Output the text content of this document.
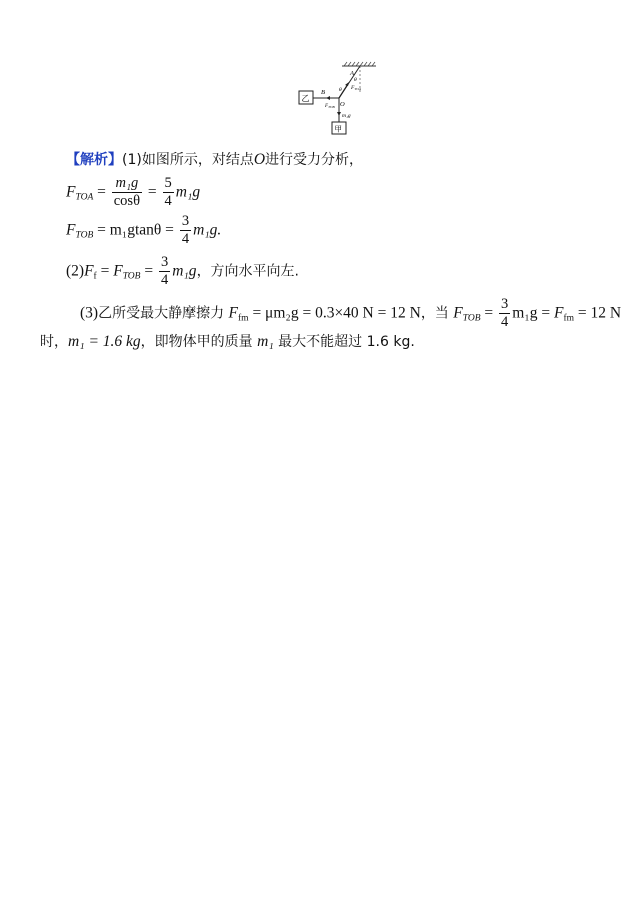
乙
甲
A
B
O
θ
θ
FTOA
$F_{TOB}$
m₁g
【解析】(1)如图所示，对结点O进行受力分析，
$F_{TOA} = \frac{\text{m₁g}}{\cos\theta} = \frac{5}{4} m_1g$
$F_{TOB} = m_1gtan\theta = \frac{3}{4} m_1g$.
$(2)F_f = F_{TOB} = \frac{3}{4} m_1g$，方向水平向左.
(3)乙所受最大静摩擦力 $F_{fm} = \mu m_2g = 0.3\times 40$ N = 12 N，当 $F_{TOB} = \frac{3}{4} m_1g = F_{fm} = 12$ N
时，m₁ = 1.6 kg，即物体甲的质量 m₁ 最大不能超过 1.6 kg.
